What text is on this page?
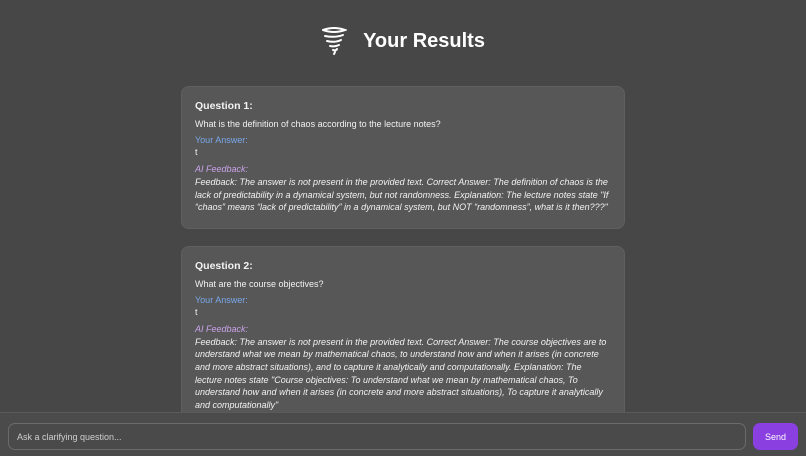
Your Results
Question 1:
What is the definition of chaos according to the lecture notes?
Your Answer:
t
AI Feedback:
Feedback: The answer is not present in the provided text. Correct Answer: The definition of chaos is the lack of predictability in a dynamical system, but not randomness. Explanation: The lecture notes state "If “chaos” means “lack of predictability” in a dynamical system, but NOT “randomness”, what is it then???"
Question 2:
What are the course objectives?
Your Answer:
t
AI Feedback:
Feedback: The answer is not present in the provided text. Correct Answer: The course objectives are to understand what we mean by mathematical chaos, to understand how and when it arises (in concrete and more abstract situations), and to capture it analytically and computationally. Explanation: The lecture notes state "Course objectives: To understand what we mean by mathematical chaos, To understand how and when it arises (in concrete and more abstract situations), To capture it analytically and computationally"
Ask a clarifying question...
Send
